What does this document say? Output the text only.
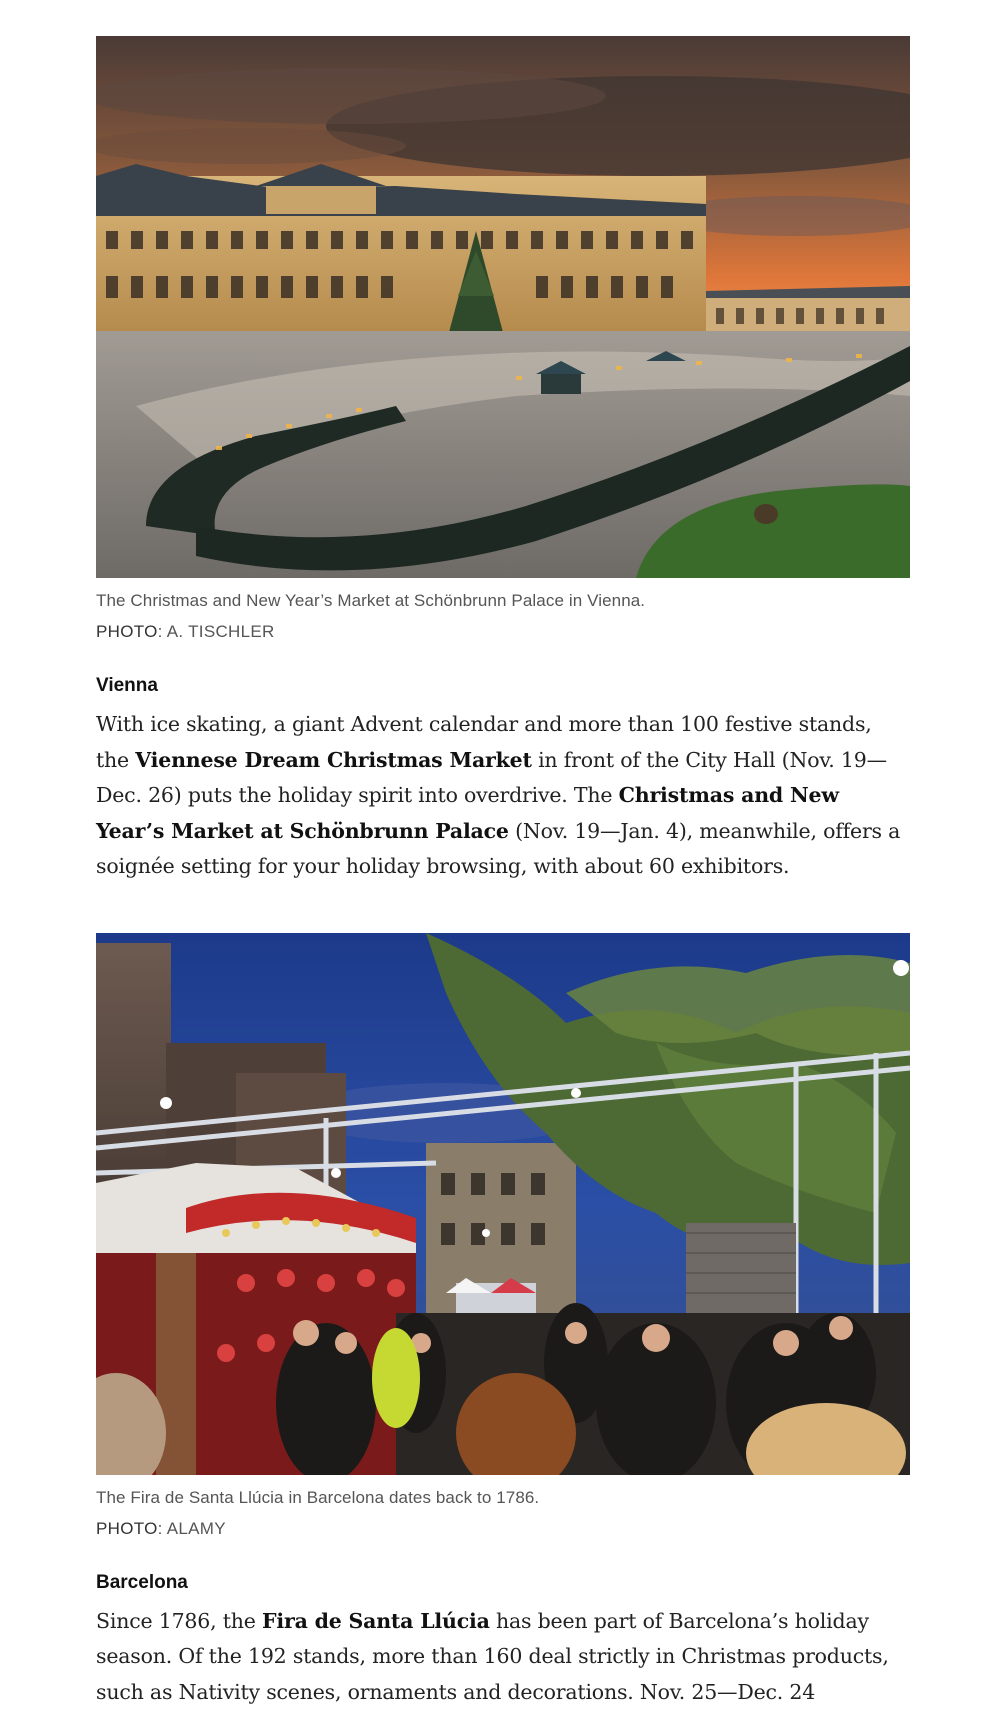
The Christmas and New Year’s Market at Schönbrunn Palace in Vienna.
PHOTO: A. TISCHLER
Vienna
With ice skating, a giant Advent calendar and more than 100 festive stands, the Viennese Dream Christmas Market in front of the City Hall (Nov. 19—Dec. 26) puts the holiday spirit into overdrive. The Christmas and New Year’s Market at Schönbrunn Palace (Nov. 19—Jan. 4), meanwhile, offers a soignée setting for your holiday browsing, with about 60 exhibitors.
The Fira de Santa Llúcia in Barcelona dates back to 1786.
PHOTO: ALAMY
Barcelona
Since 1786, the Fira de Santa Llúcia has been part of Barcelona’s holiday season. Of the 192 stands, more than 160 deal strictly in Christmas products, such as Nativity scenes, ornaments and decorations. Nov. 25—Dec. 24
